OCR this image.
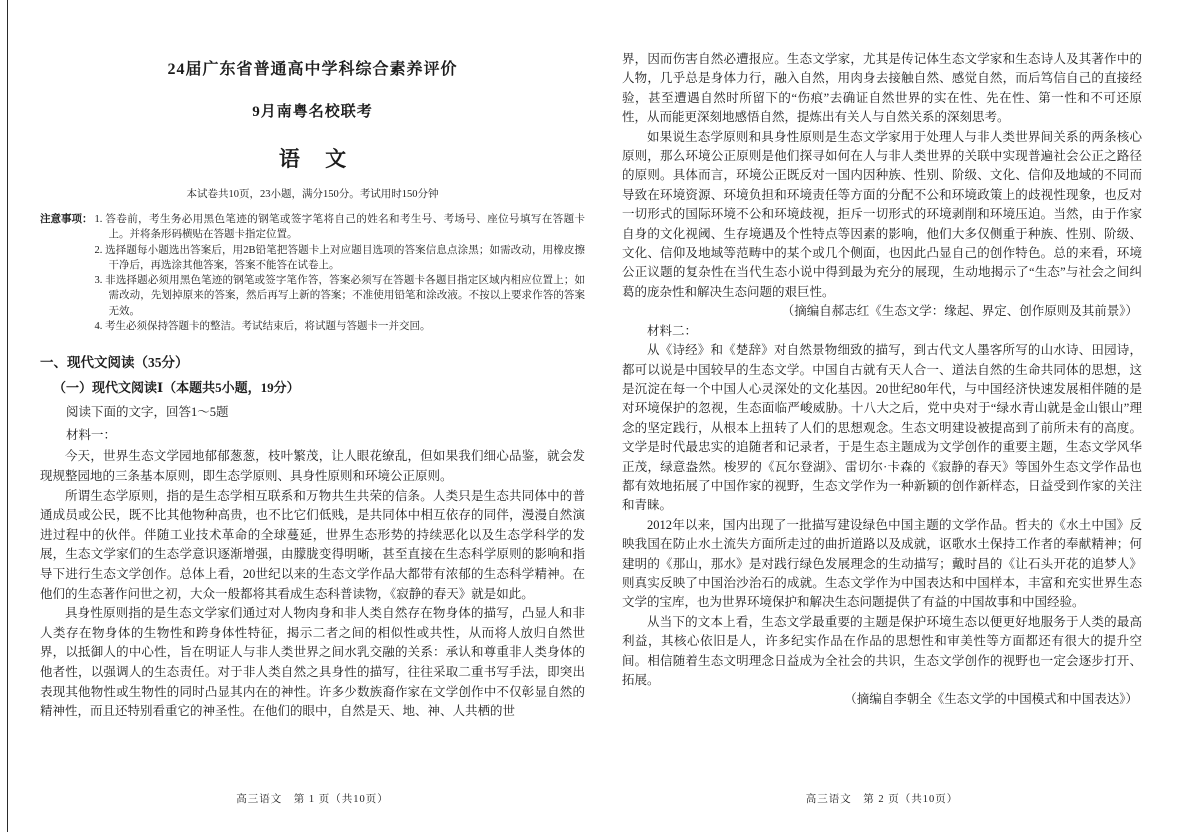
24届广东省普通高中学科综合素养评价
9月南粤名校联考
语 文
本试卷共10页，23小题，满分150分。考试用时150分钟
注意事项： 1. 答卷前，考生务必用黑色笔迹的钢笔或签字笔将自己的姓名和考生号、考场号、座位号填写在答题卡上。并将条形码横贴在答题卡指定位置。

2. 选择题每小题选出答案后，用2B铅笔把答题卡上对应题目选项的答案信息点涂黑；如需改动，用橡皮擦干净后，再选涂其他答案，答案不能答在试卷上。

3. 非选择题必须用黑色笔迹的钢笔或签字笔作答，答案必须写在答题卡各题目指定区域内相应位置上；如需改动，先划掉原来的答案，然后再写上新的答案；不准使用铅笔和涂改液。不按以上要求作答的答案无效。

4. 考生必须保持答题卡的整洁。考试结束后，将试题与答题卡一并交回。

一、现代文阅读（35分）
（一）现代文阅读Ⅰ（本题共5小题，19分）
阅读下面的文字，回答1～5题
材料一：

今天，世界生态文学园地郁郁葱葱，枝叶繁茂，让人眼花缭乱，但如果我们细心品鉴，就会发现规整园地的三条基本原则，即生态学原则、具身性原则和环境公正原则。

所谓生态学原则，指的是生态学相互联系和万物共生共荣的信条。人类只是生态共同体中的普通成员或公民，既不比其他物种高贵，也不比它们低贱，是共同体中相互依存的同伴，漫漫自然演进过程中的伙伴。伴随工业技术革命的全球蔓延，世界生态形势的持续恶化以及生态学科学的发展，生态文学家们的生态学意识逐渐增强，由朦胧变得明晰，甚至直接在生态科学原则的影响和指导下进行生态文学创作。总体上看，20世纪以来的生态文学作品大都带有浓郁的生态科学精神。在他们的生态著作问世之初，大众一般都将其看成生态科普读物，《寂静的春天》就是如此。

具身性原则指的是生态文学家们通过对人物肉身和非人类自然存在物身体的描写，凸显人和非人类存在物身体的生物性和跨身体性特征，揭示二者之间的相似性或共性，从而将人放归自然世界，以抵御人的中心性，旨在明证人与非人类世界之间水乳交融的关系：承认和尊重非人类身体的他者性，以强调人的生态责任。对于非人类自然之具身性的描写，往往采取二重书写手法，即突出表现其他物性或生物性的同时凸显其内在的神性。许多少数族裔作家在文学创作中不仅彰显自然的精神性，而且还特别看重它的神圣性。在他们的眼中，自然是天、地、神、人共栖的世

高三语文　第 1 页（共10页）

界，因而伤害自然必遭报应。生态文学家，尤其是传记体生态文学家和生态诗人及其著作中的人物，几乎总是身体力行，融入自然，用肉身去接触自然、感觉自然，而后笃信自己的直接经验，甚至遭遇自然时所留下的“伤痕”去确证自然世界的实在性、先在性、第一性和不可还原性，从而能更深刻地感悟自然，提炼出有关人与自然关系的深刻思考。

如果说生态学原则和具身性原则是生态文学家用于处理人与非人类世界间关系的两条核心原则，那么环境公正原则是他们探寻如何在人与非人类世界的关联中实现普遍社会公正之路径的原则。具体而言，环境公正既反对一国内因种族、性别、阶级、文化、信仰及地域的不同而导致在环境资源、环境负担和环境责任等方面的分配不公和环境政策上的歧视性现象，也反对一切形式的国际环境不公和环境歧视，拒斥一切形式的环境剥削和环境压迫。当然，由于作家自身的文化视阈、生存境遇及个性特点等因素的影响，他们大多仅侧重于种族、性别、阶级、文化、信仰及地域等范畴中的某个或几个侧面，也因此凸显自己的创作特色。总的来看，环境公正议题的复杂性在当代生态小说中得到最为充分的展现，生动地揭示了“生态”与社会之间纠葛的庞杂性和解决生态问题的艰巨性。

（摘编自郝志红《生态文学：缘起、界定、创作原则及其前景》）
材料二：

从《诗经》和《楚辞》对自然景物细致的描写，到古代文人墨客所写的山水诗、田园诗，都可以说是中国较早的生态文学。中国自古就有天人合一、道法自然的生命共同体的思想，这是沉淀在每一个中国人心灵深处的文化基因。20世纪80年代，与中国经济快速发展相伴随的是对环境保护的忽视，生态面临严峻威胁。十八大之后，党中央对于“绿水青山就是金山银山”理念的坚定践行，从根本上扭转了人们的思想观念。生态文明建设被提高到了前所未有的高度。文学是时代最忠实的追随者和记录者，于是生态主题成为文学创作的重要主题，生态文学风华正茂，绿意盎然。梭罗的《瓦尔登湖》、雷切尔·卡森的《寂静的春天》等国外生态文学作品也都有效地拓展了中国作家的视野，生态文学作为一种新颖的创作新样态，日益受到作家的关注和青睐。

2012年以来，国内出现了一批描写建设绿色中国主题的文学作品。哲夫的《水土中国》反映我国在防止水土流失方面所走过的曲折道路以及成就，讴歌水土保持工作者的奉献精神；何建明的《那山，那水》是对践行绿色发展理念的生动描写；戴时昌的《让石头开花的追梦人》则真实反映了中国治沙治石的成就。生态文学作为中国表达和中国样本，丰富和充实世界生态文学的宝库，也为世界环境保护和解决生态问题提供了有益的中国故事和中国经验。

从当下的文本上看，生态文学最重要的主题是保护环境生态以便更好地服务于人类的最高利益，其核心依旧是人，许多纪实作品在作品的思想性和审美性等方面都还有很大的提升空间。相信随着生态文明理念日益成为全社会的共识，生态文学创作的视野也一定会逐步打开、拓展。

（摘编自李朝全《生态文学的中国模式和中国表达》）
高三语文　第 2 页（共10页）
